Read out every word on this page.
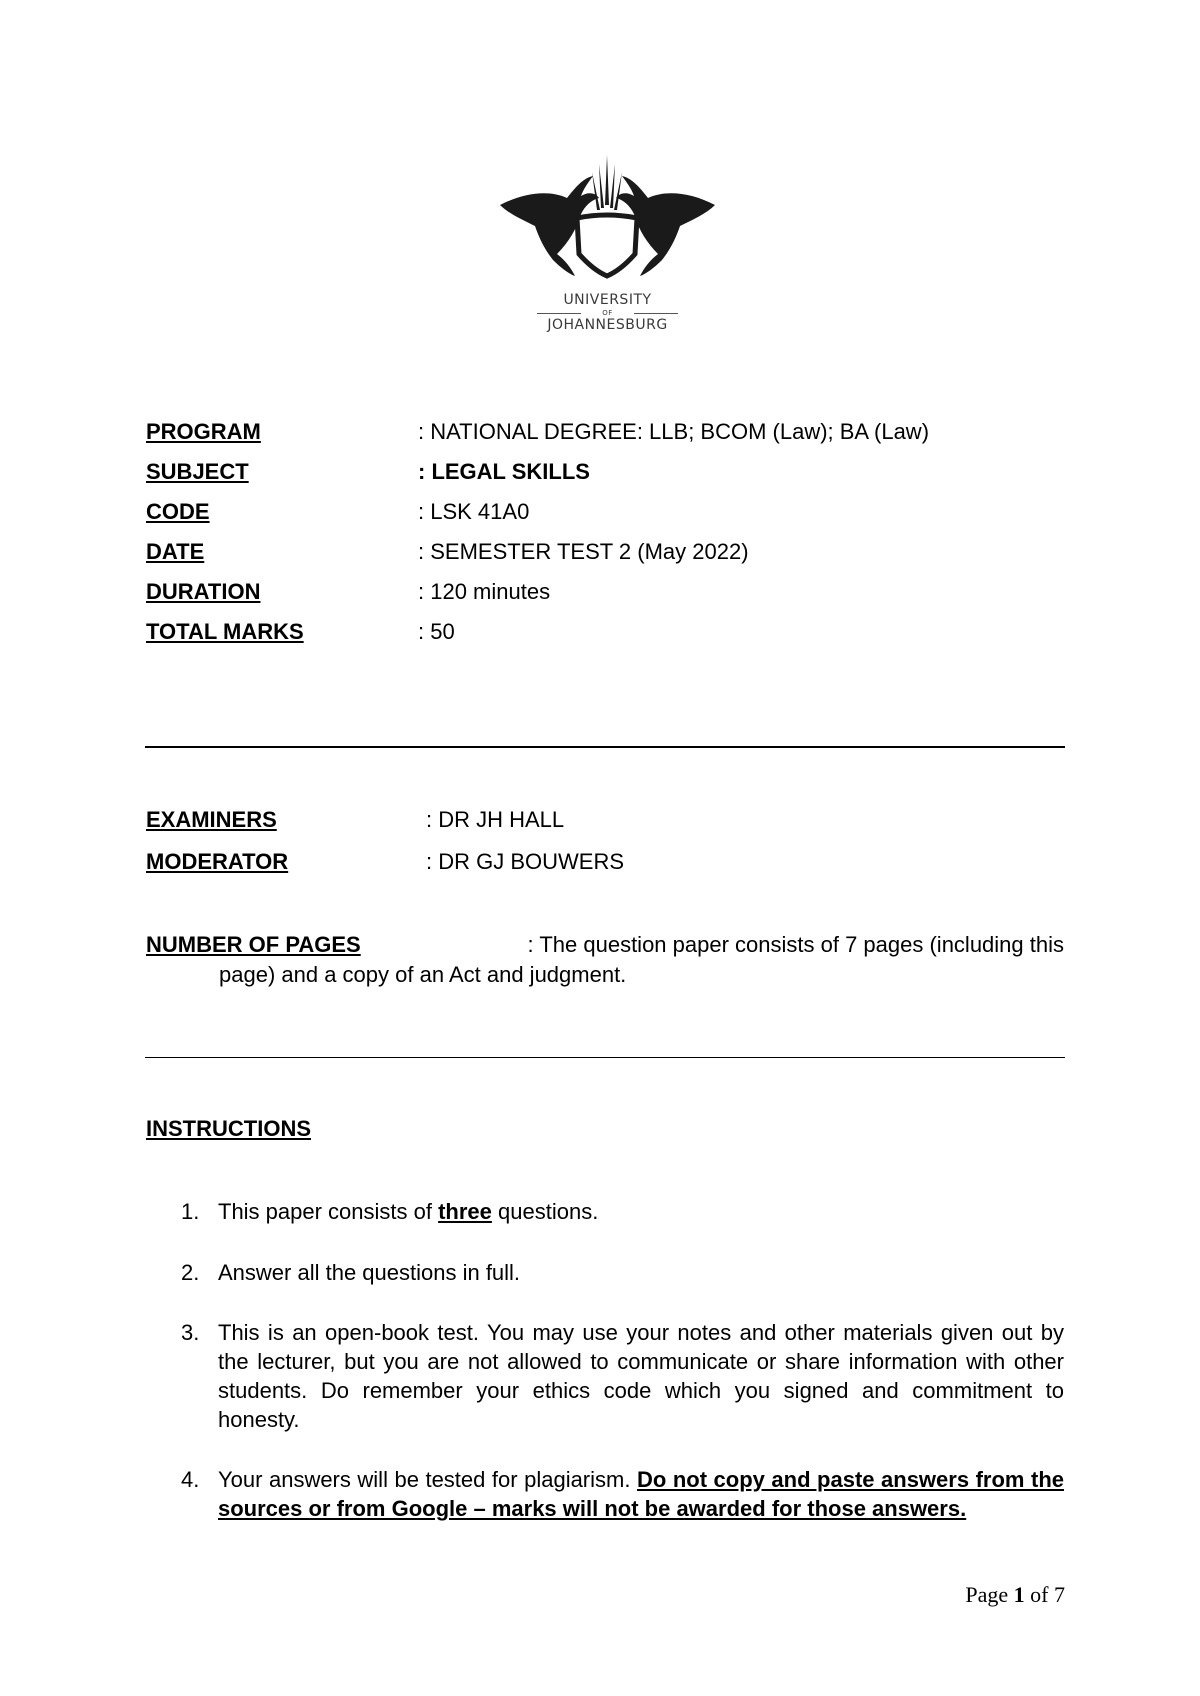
UNIVERSITY
OF
JOHANNESBURG
PROGRAM	: NATIONAL DEGREE: LLB; BCOM (Law); BA (Law)
SUBJECT	: LEGAL SKILLS
CODE	: LSK 41A0
DATE	: SEMESTER TEST 2 (May 2022)
DURATION	: 120 minutes
TOTAL MARKS	: 50
EXAMINERS	: DR JH HALL
MODERATOR	: DR GJ BOUWERS
NUMBER OF PAGES	: The question paper consists of 7 pages (including this
page) and a copy of an Act and judgment.
INSTRUCTIONS
1. This paper consists of three questions.
2. Answer all the questions in full.
3. This is an open-book test. You may use your notes and other materials given out by the lecturer, but you are not allowed to communicate or share information with other students. Do remember your ethics code which you signed and commitment to honesty.
4. Your answers will be tested for plagiarism. Do not copy and paste answers from the sources or from Google – marks will not be awarded for those answers.
Page 1 of 7
